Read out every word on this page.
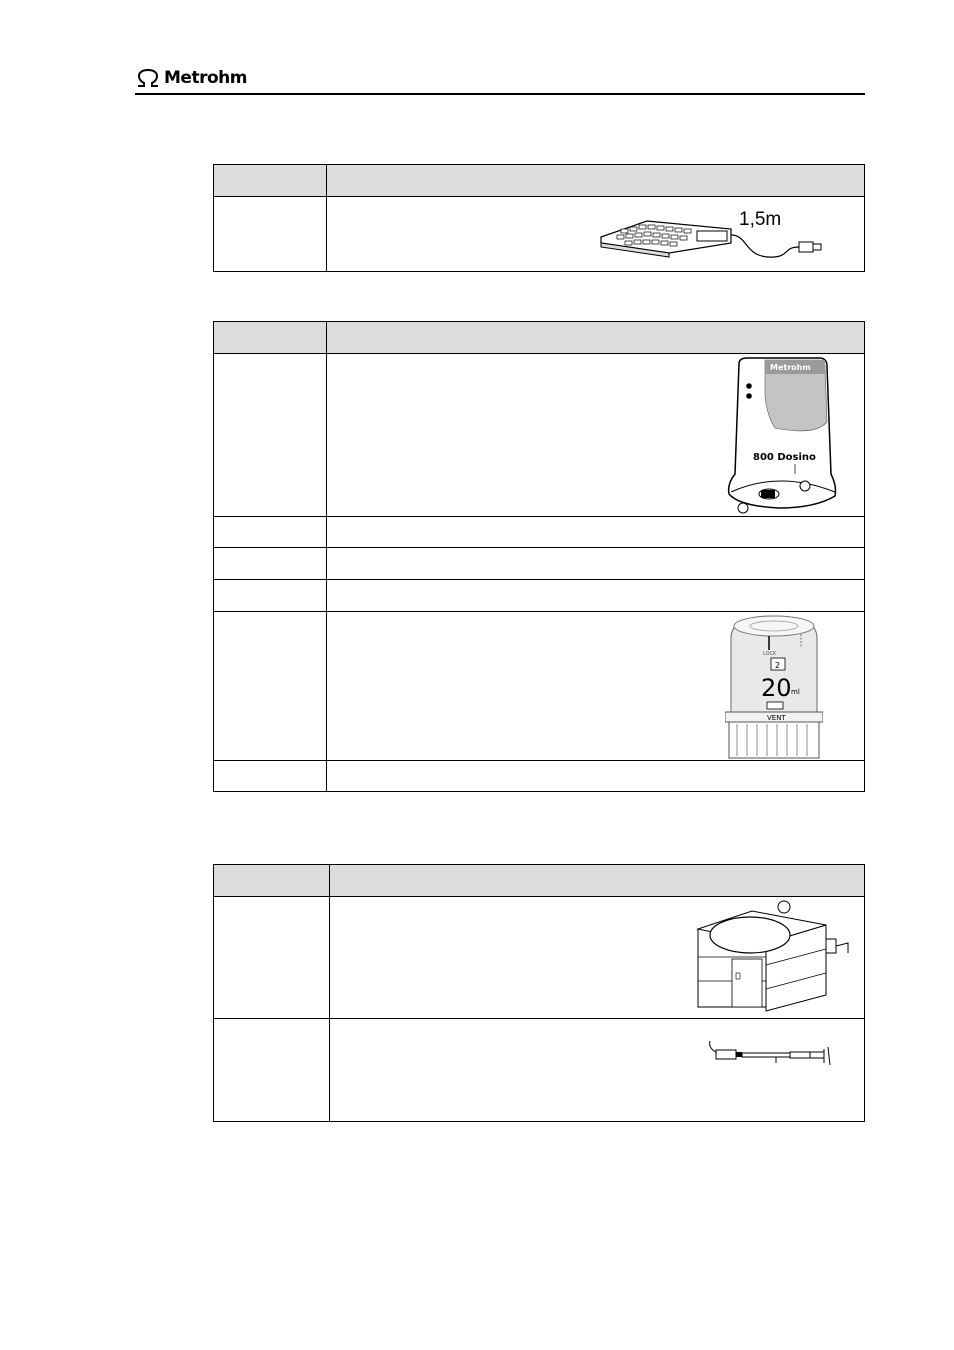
Metrohm

1,5m

Metrohm
800 Dosino

LOCK
2
20 ml
VENT
